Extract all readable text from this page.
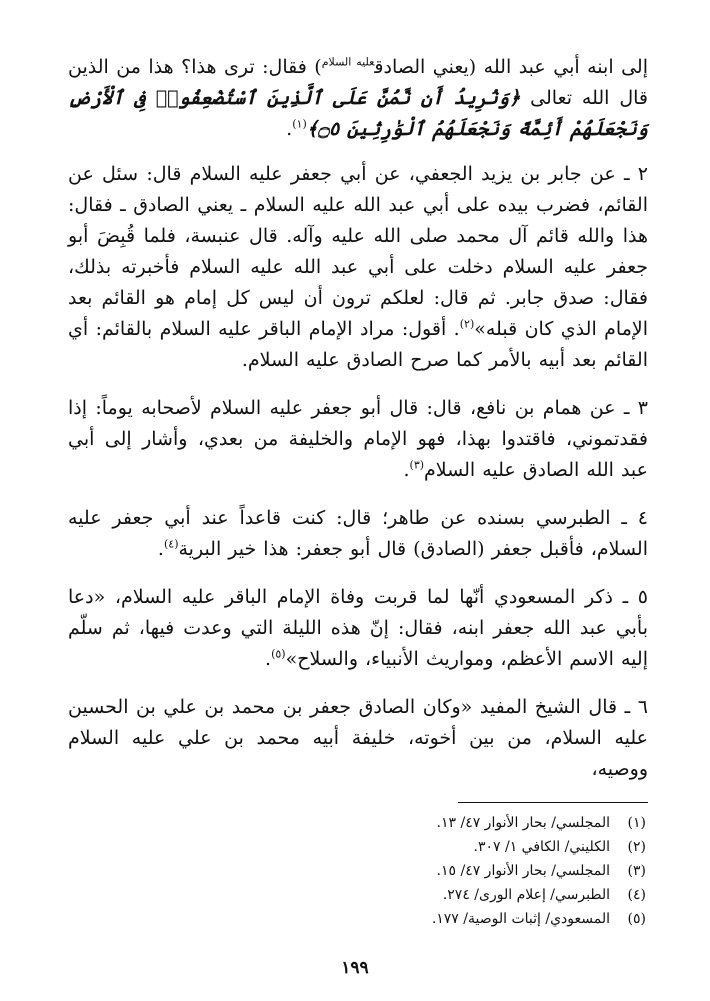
إلى ابنه أبي عبد الله (يعني الصادق$^{عليه السلام}$) فقال: ترى هذا؟ هذا من الذين قال الله تعالى ﴿وَنُرِيدُ أَن نَّمُنَّ عَلَى ٱلَّذِينَ ٱسْتُضْعِفُوا۟ فِى ٱلْأَرْضِ وَنَجْعَلَهُمْ أَئِمَّةً وَنَجْعَلَهُمُ ٱلْوَٰرِثِينَ ۝٥﴾$^{(١)}$.

٢ ـ عن جابر بن يزيد الجعفي، عن أبي جعفر عليه السلام قال: سئل عن القائم، فضرب بيده على أبي عبد الله عليه السلام ـ يعني الصادق ـ فقال: هذا والله قائم آل محمد صلى الله عليه وآله. قال عنبسة، فلما قُبِضَ أبو جعفر عليه السلام دخلت على أبي عبد الله عليه السلام فأخبرته بذلك، فقال: صدق جابر. ثم قال: لعلكم ترون أن ليس كل إمام هو القائم بعد الإمام الذي كان قبله»$^{(٢)}$. أقول: مراد الإمام الباقر عليه السلام بالقائم: أي القائم بعد أبيه بالأمر كما صرح الصادق عليه السلام.

٣ ـ عن همام بن نافع، قال: قال أبو جعفر عليه السلام لأصحابه يوماً: إذا فقدتموني، فاقتدوا بهذا، فهو الإمام والخليفة من بعدي، وأشار إلى أبي عبد الله الصادق عليه السلام$^{(٣)}$.

٤ ـ الطبرسي بسنده عن طاهر؛ قال: كنت قاعداً عند أبي جعفر عليه السلام، فأقبل جعفر (الصادق) قال أبو جعفر: هذا خير البرية$^{(٤)}$.

٥ ـ ذكر المسعودي أنّها لما قربت وفاة الإمام الباقر عليه السلام، «دعا بأبي عبد الله جعفر ابنه، فقال: إنّ هذه الليلة التي وعدت فيها، ثم سلّم إليه الاسم الأعظم، ومواريث الأنبياء، والسلاح»$^{(٥)}$.

٦ ـ قال الشيخ المفيد «وكان الصادق جعفر بن محمد بن علي بن الحسين عليه السلام، من بين أخوته، خليفة أبيه محمد بن علي عليه السلام ووصيه،

(١)
المجلسي/ بحار الأنوار ٤٧/ ١٣.
(٢)
الكليني/ الكافي ١/ ٣٠٧.
(٣)
المجلسي/ بحار الأنوار ٤٧/ ١٥.
(٤)
الطبرسي/ إعلام الورى/ ٢٧٤.
(٥)
المسعودي/ إثبات الوصية/ ١٧٧.
١٩٩
